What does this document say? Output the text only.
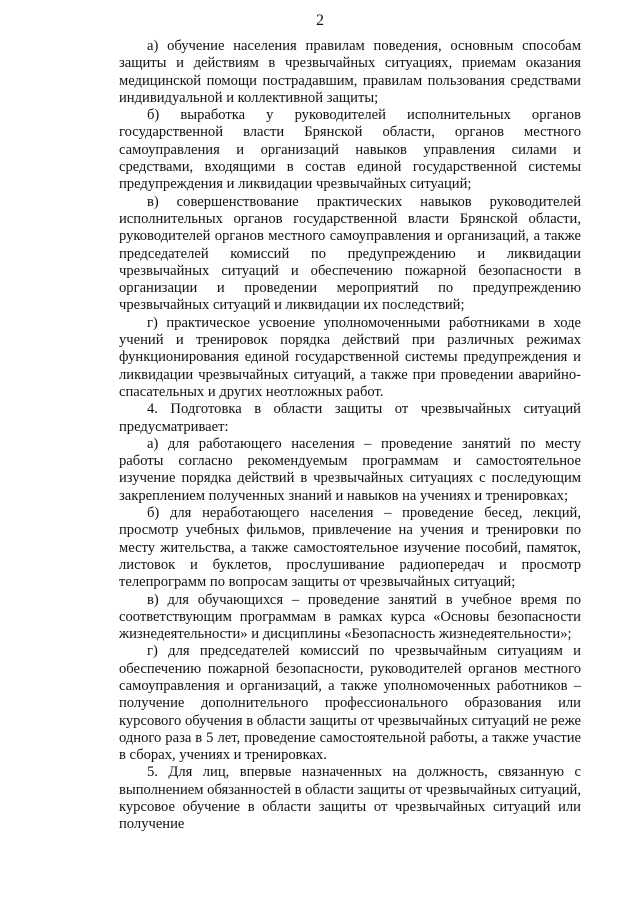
2

а) обучение населения правилам поведения, основным способам защиты и действиям в чрезвычайных ситуациях, приемам оказания медицинской помощи пострадавшим, правилам пользования средствами индивидуальной и коллективной защиты;

б) выработка у руководителей исполнительных органов государственной власти Брянской области, органов местного самоуправления и организаций навыков управления силами и средствами, входящими в состав единой государственной системы предупреждения и ликвидации чрезвычайных ситуаций;

в) совершенствование практических навыков руководителей исполнительных органов государственной власти Брянской области, руководителей органов местного самоуправления и организаций, а также председателей комиссий по предупреждению и ликвидации чрезвычайных ситуаций и обеспечению пожарной безопасности в организации и проведении мероприятий по предупреждению чрезвычайных ситуаций и ликвидации их последствий;

г) практическое усвоение уполномоченными работниками в ходе учений и тренировок порядка действий при различных режимах функционирования единой государственной системы предупреждения и ликвидации чрезвычайных ситуаций, а также при проведении аварийно-спасательных и других неотложных работ.

4. Подготовка в области защиты от чрезвычайных ситуаций предусматривает:

а) для работающего населения – проведение занятий по месту работы согласно рекомендуемым программам и самостоятельное изучение порядка действий в чрезвычайных ситуациях с последующим закреплением полученных знаний и навыков на учениях и тренировках;

б) для неработающего населения – проведение бесед, лекций, просмотр учебных фильмов, привлечение на учения и тренировки по месту жительства, а также самостоятельное изучение пособий, памяток, листовок и буклетов, прослушивание радиопередач и просмотр телепрограмм по вопросам защиты от чрезвычайных ситуаций;

в) для обучающихся – проведение занятий в учебное время по соответствующим программам в рамках курса «Основы безопасности жизнедеятельности» и дисциплины «Безопасность жизнедеятельности»;

г) для председателей комиссий по чрезвычайным ситуациям и обеспечению пожарной безопасности, руководителей органов местного самоуправления и организаций, а также уполномоченных работников – получение дополнительного профессионального образования или курсового обучения в области защиты от чрезвычайных ситуаций не реже одного раза в 5 лет, проведение самостоятельной работы, а также участие в сборах, учениях и тренировках.

5. Для лиц, впервые назначенных на должность, связанную с выполнением обязанностей в области защиты от чрезвычайных ситуаций, курсовое обучение в области защиты от чрезвычайных ситуаций или получение
